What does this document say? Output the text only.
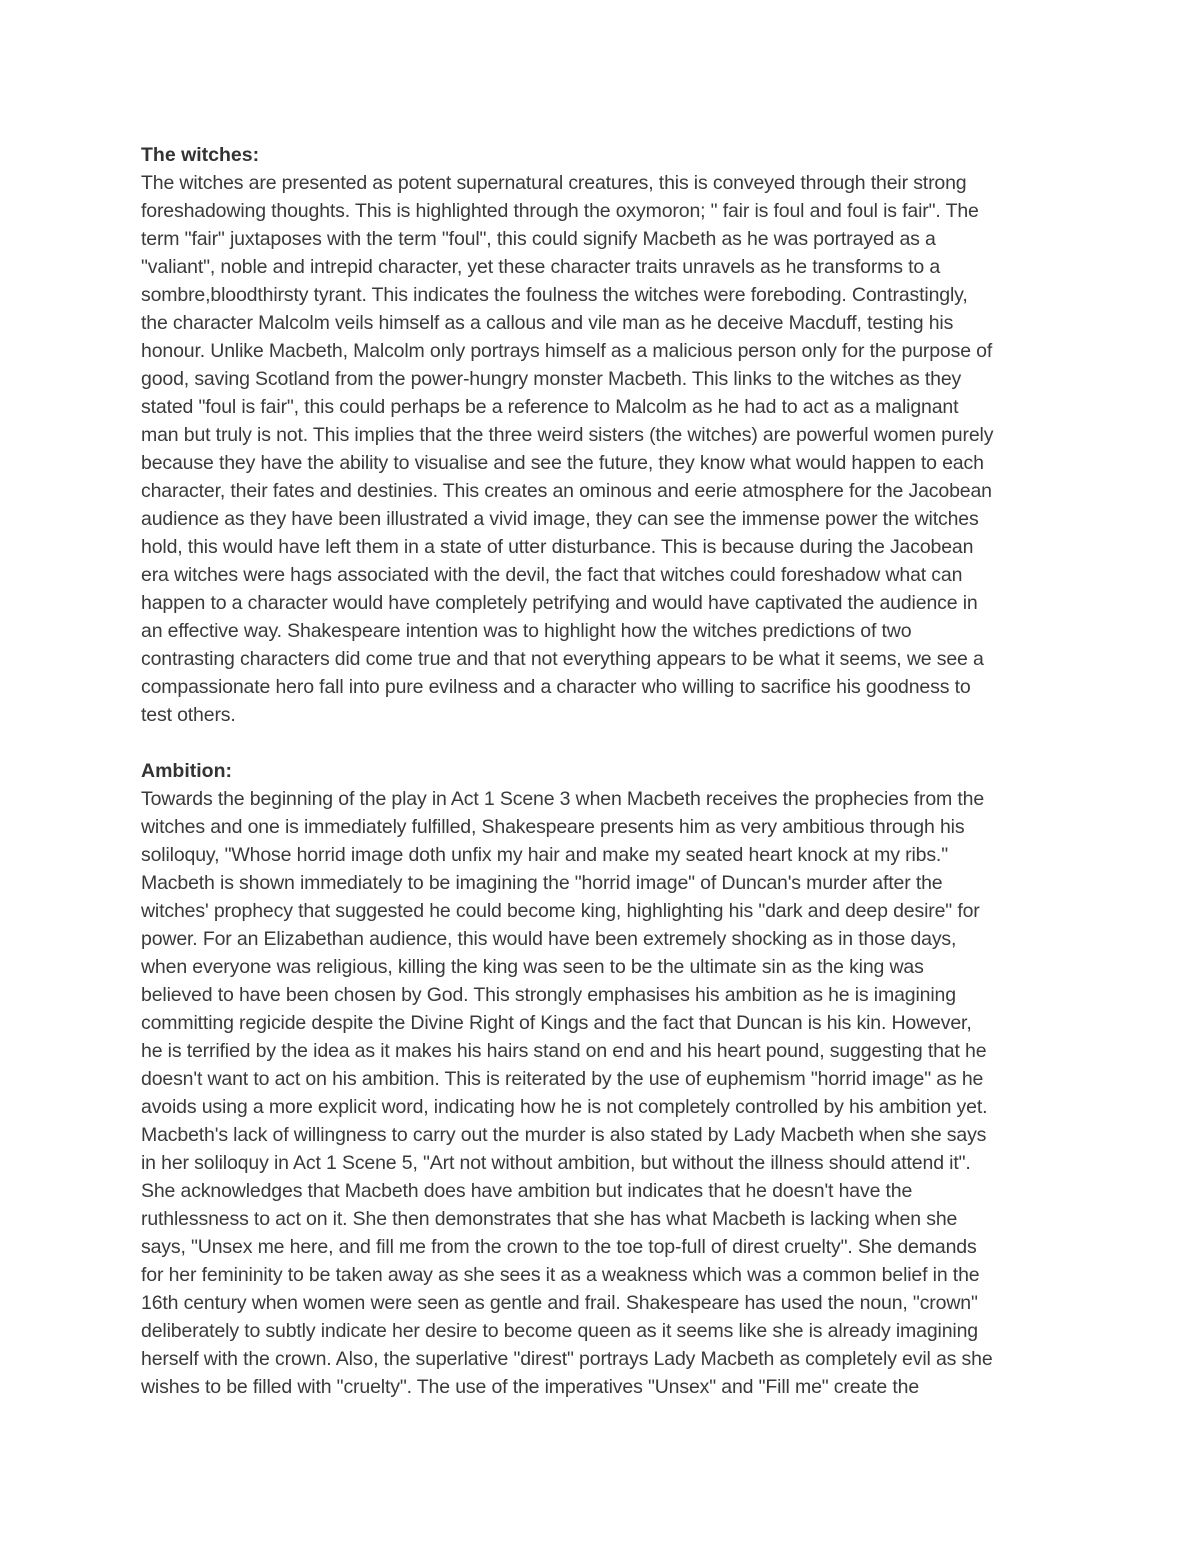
The witches:

The witches are presented as potent supernatural creatures, this is conveyed through their strong

foreshadowing thoughts. This is highlighted through the oxymoron; " fair is foul and foul is fair". The

term "fair" juxtaposes with the term "foul", this could signify Macbeth as he was portrayed as a

"valiant", noble and intrepid character, yet these character traits unravels as he transforms to a

sombre,bloodthirsty tyrant. This indicates the foulness the witches were foreboding. Contrastingly,

the character Malcolm veils himself as a callous and vile man as he deceive Macduff, testing his

honour. Unlike Macbeth, Malcolm only portrays himself as a malicious person only for the purpose of

good, saving Scotland from the power-hungry monster Macbeth. This links to the witches as they

stated "foul is fair", this could perhaps be a reference to Malcolm as he had to act as a malignant

man but truly is not. This implies that the three weird sisters (the witches) are powerful women purely

because they have the ability to visualise and see the future, they know what would happen to each

character, their fates and destinies. This creates an ominous and eerie atmosphere for the Jacobean

audience as they have been illustrated a vivid image, they can see the immense power the witches

hold, this would have left them in a state of utter disturbance. This is because during the Jacobean

era witches were hags associated with the devil, the fact that witches could foreshadow what can

happen to a character would have completely petrifying and would have captivated the audience in

an effective way. Shakespeare intention was to highlight how the witches predictions of two

contrasting characters did come true and that not everything appears to be what it seems, we see a

compassionate hero fall into pure evilness and a character who willing to sacrifice his goodness to

test others.

Ambition:

Towards the beginning of the play in Act 1 Scene 3 when Macbeth receives the prophecies from the

witches and one is immediately fulfilled, Shakespeare presents him as very ambitious through his

soliloquy, "Whose horrid image doth unfix my hair and make my seated heart knock at my ribs."

Macbeth is shown immediately to be imagining the "horrid image" of Duncan's murder after the

witches' prophecy that suggested he could become king, highlighting his "dark and deep desire" for

power. For an Elizabethan audience, this would have been extremely shocking as in those days,

when everyone was religious, killing the king was seen to be the ultimate sin as the king was

believed to have been chosen by God. This strongly emphasises his ambition as he is imagining

committing regicide despite the Divine Right of Kings and the fact that Duncan is his kin. However,

he is terrified by the idea as it makes his hairs stand on end and his heart pound, suggesting that he

doesn't want to act on his ambition. This is reiterated by the use of euphemism "horrid image" as he

avoids using a more explicit word, indicating how he is not completely controlled by his ambition yet.

Macbeth's lack of willingness to carry out the murder is also stated by Lady Macbeth when she says

in her soliloquy in Act 1 Scene 5, "Art not without ambition, but without the illness should attend it".

She acknowledges that Macbeth does have ambition but indicates that he doesn't have the

ruthlessness to act on it. She then demonstrates that she has what Macbeth is lacking when she

says, "Unsex me here, and fill me from the crown to the toe top-full of direst cruelty". She demands

for her femininity to be taken away as she sees it as a weakness which was a common belief in the

16th century when women were seen as gentle and frail. Shakespeare has used the noun, "crown"

deliberately to subtly indicate her desire to become queen as it seems like she is already imagining

herself with the crown. Also, the superlative "direst" portrays Lady Macbeth as completely evil as she

wishes to be filled with "cruelty". The use of the imperatives "Unsex" and "Fill me" create the
